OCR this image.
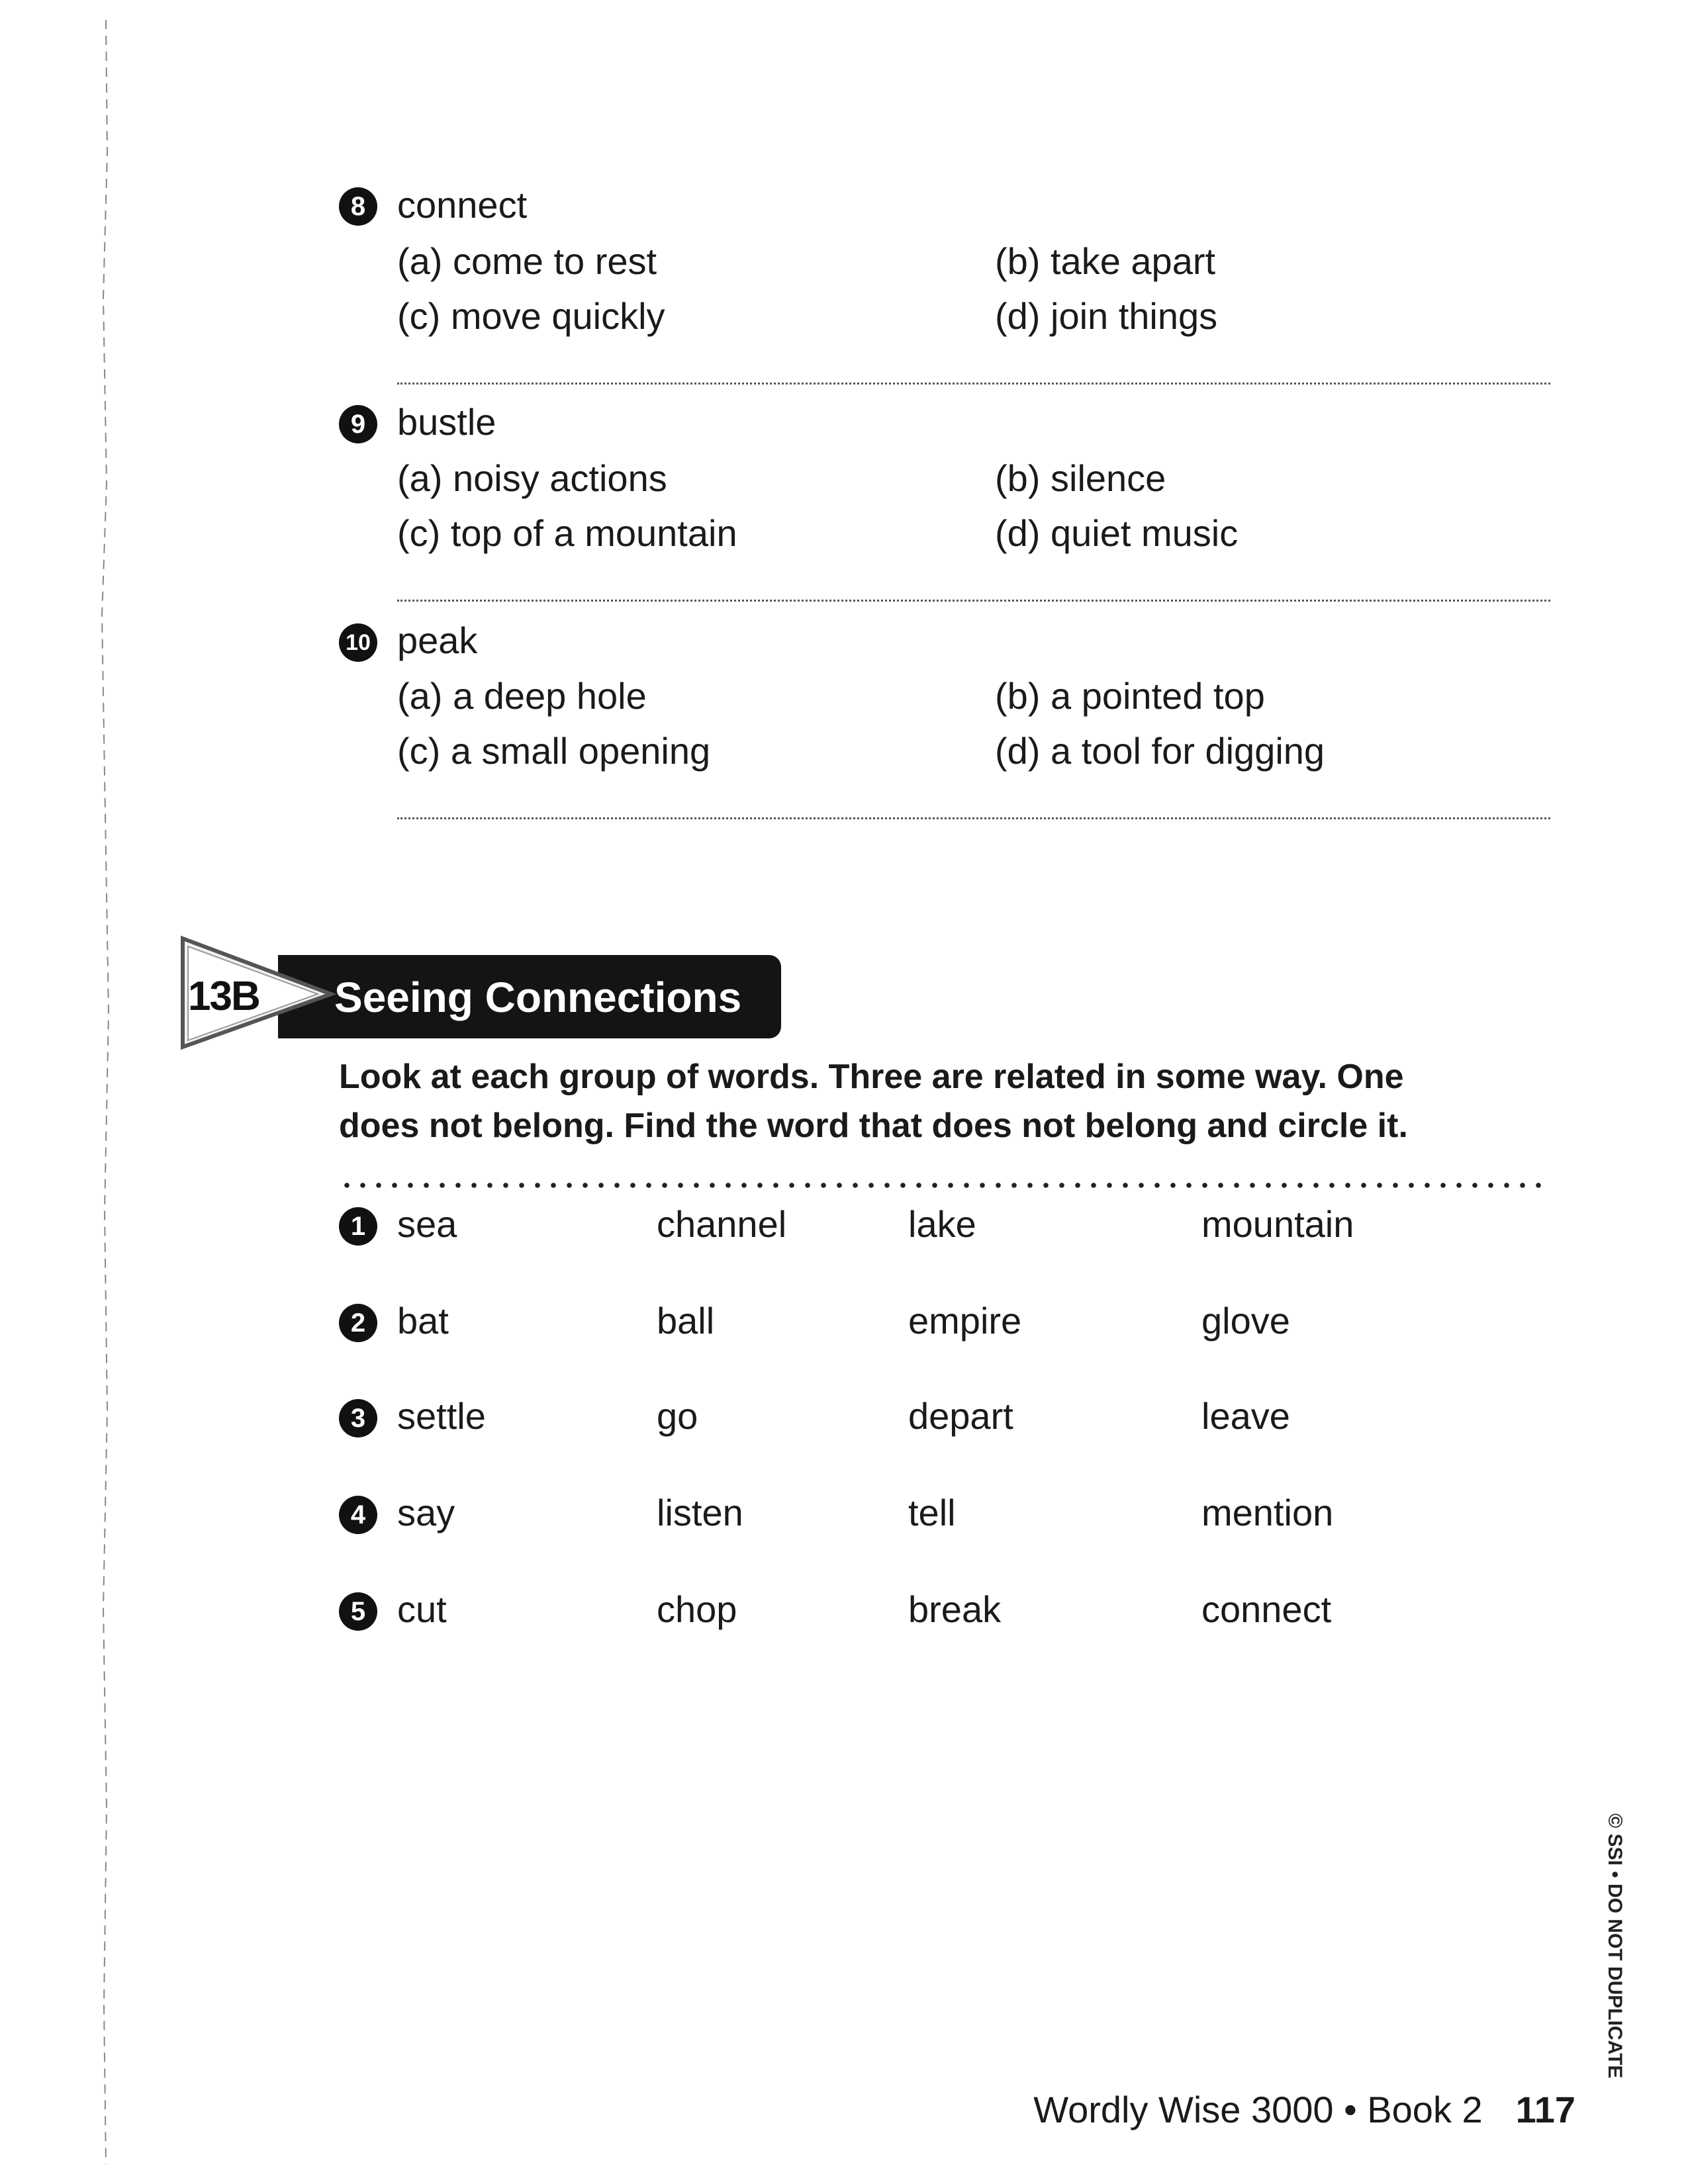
8 connect
(a) come to rest	(b) take apart
(c) move quickly	(d) join things
9 bustle
(a) noisy actions	(b) silence
(c) top of a mountain	(d) quiet music
10 peak
(a) a deep hole	(b) a pointed top
(c) a small opening	(d) a tool for digging
13B Seeing Connections
Look at each group of words. Three are related in some way. One
does not belong. Find the word that does not belong and circle it.
1 sea	channel	lake	mountain
2 bat	ball	empire	glove
3 settle	go	depart	leave
4 say	listen	tell	mention
5 cut	chop	break	connect
© SSI • DO NOT DUPLICATE
Wordly Wise 3000 • Book 2 117
